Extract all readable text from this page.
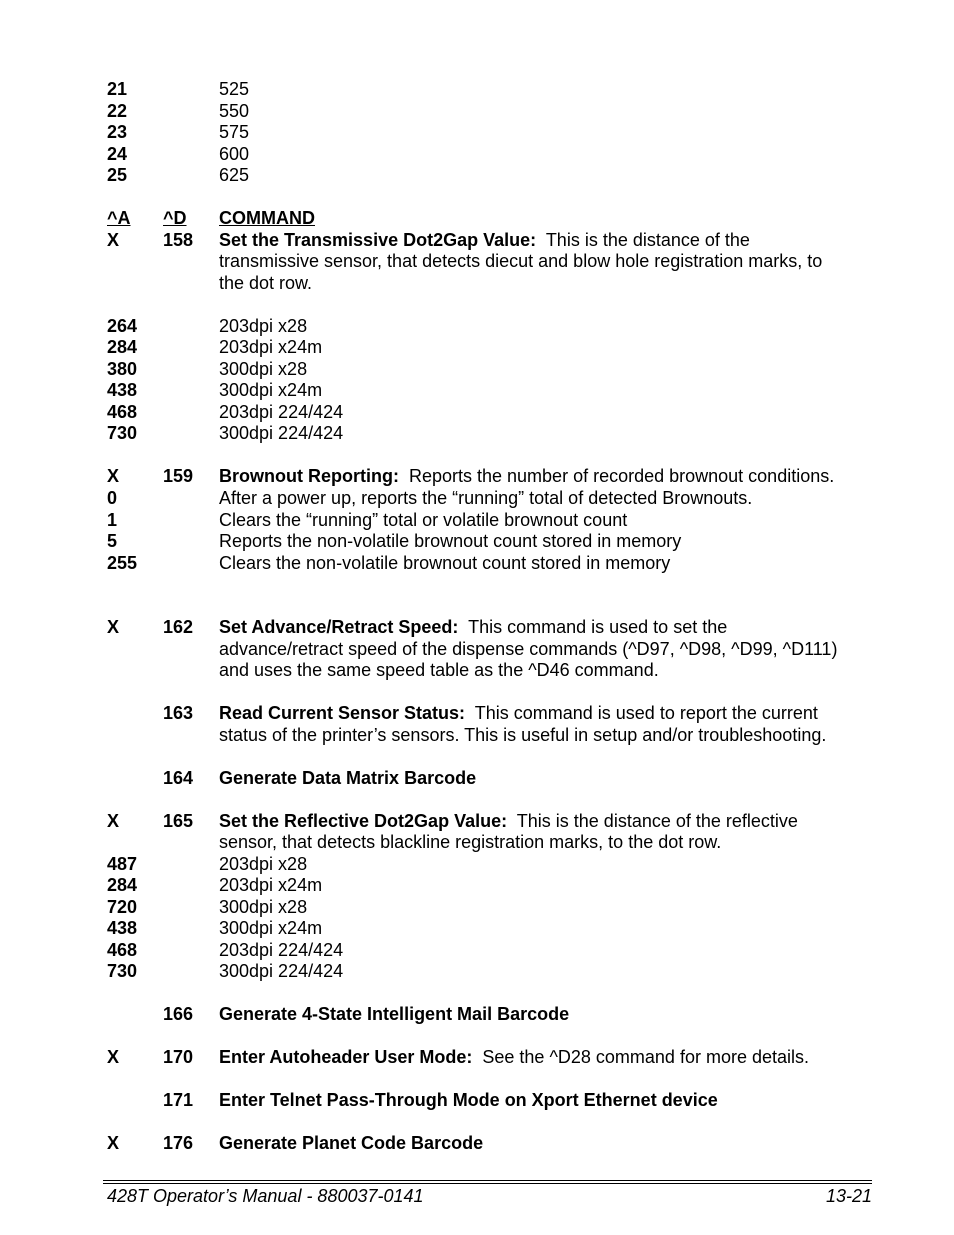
21	525
22	550
23	575
24	600
25	625
^A ^D COMMAND
X 158 Set the Transmissive Dot2Gap Value: This is the distance of the
transmissive sensor, that detects diecut and blow hole registration marks, to
the dot row.
264	203dpi x28
284	203dpi x24m
380	300dpi x28
438	300dpi x24m
468	203dpi 224/424
730	300dpi 224/424
X 159 Brownout Reporting: Reports the number of recorded brownout conditions.
0	After a power up, reports the “running” total of detected Brownouts.
1	Clears the “running” total or volatile brownout count
5	Reports the non-volatile brownout count stored in memory
255	Clears the non-volatile brownout count stored in memory
X 162 Set Advance/Retract Speed: This command is used to set the
advance/retract speed of the dispense commands (^D97, ^D98, ^D99, ^D111)
and uses the same speed table as the ^D46 command.
163 Read Current Sensor Status: This command is used to report the current
status of the printer’s sensors. This is useful in setup and/or troubleshooting.
164 Generate Data Matrix Barcode
X 165 Set the Reflective Dot2Gap Value: This is the distance of the reflective
sensor, that detects blackline registration marks, to the dot row.
487	203dpi x28
284	203dpi x24m
720	300dpi x28
438	300dpi x24m
468	203dpi 224/424
730	300dpi 224/424
166 Generate 4-State Intelligent Mail Barcode
X 170 Enter Autoheader User Mode: See the ^D28 command for more details.
171 Enter Telnet Pass-Through Mode on Xport Ethernet device
X 176 Generate Planet Code Barcode
428T Operator’s Manual - 880037-0141	13-21
